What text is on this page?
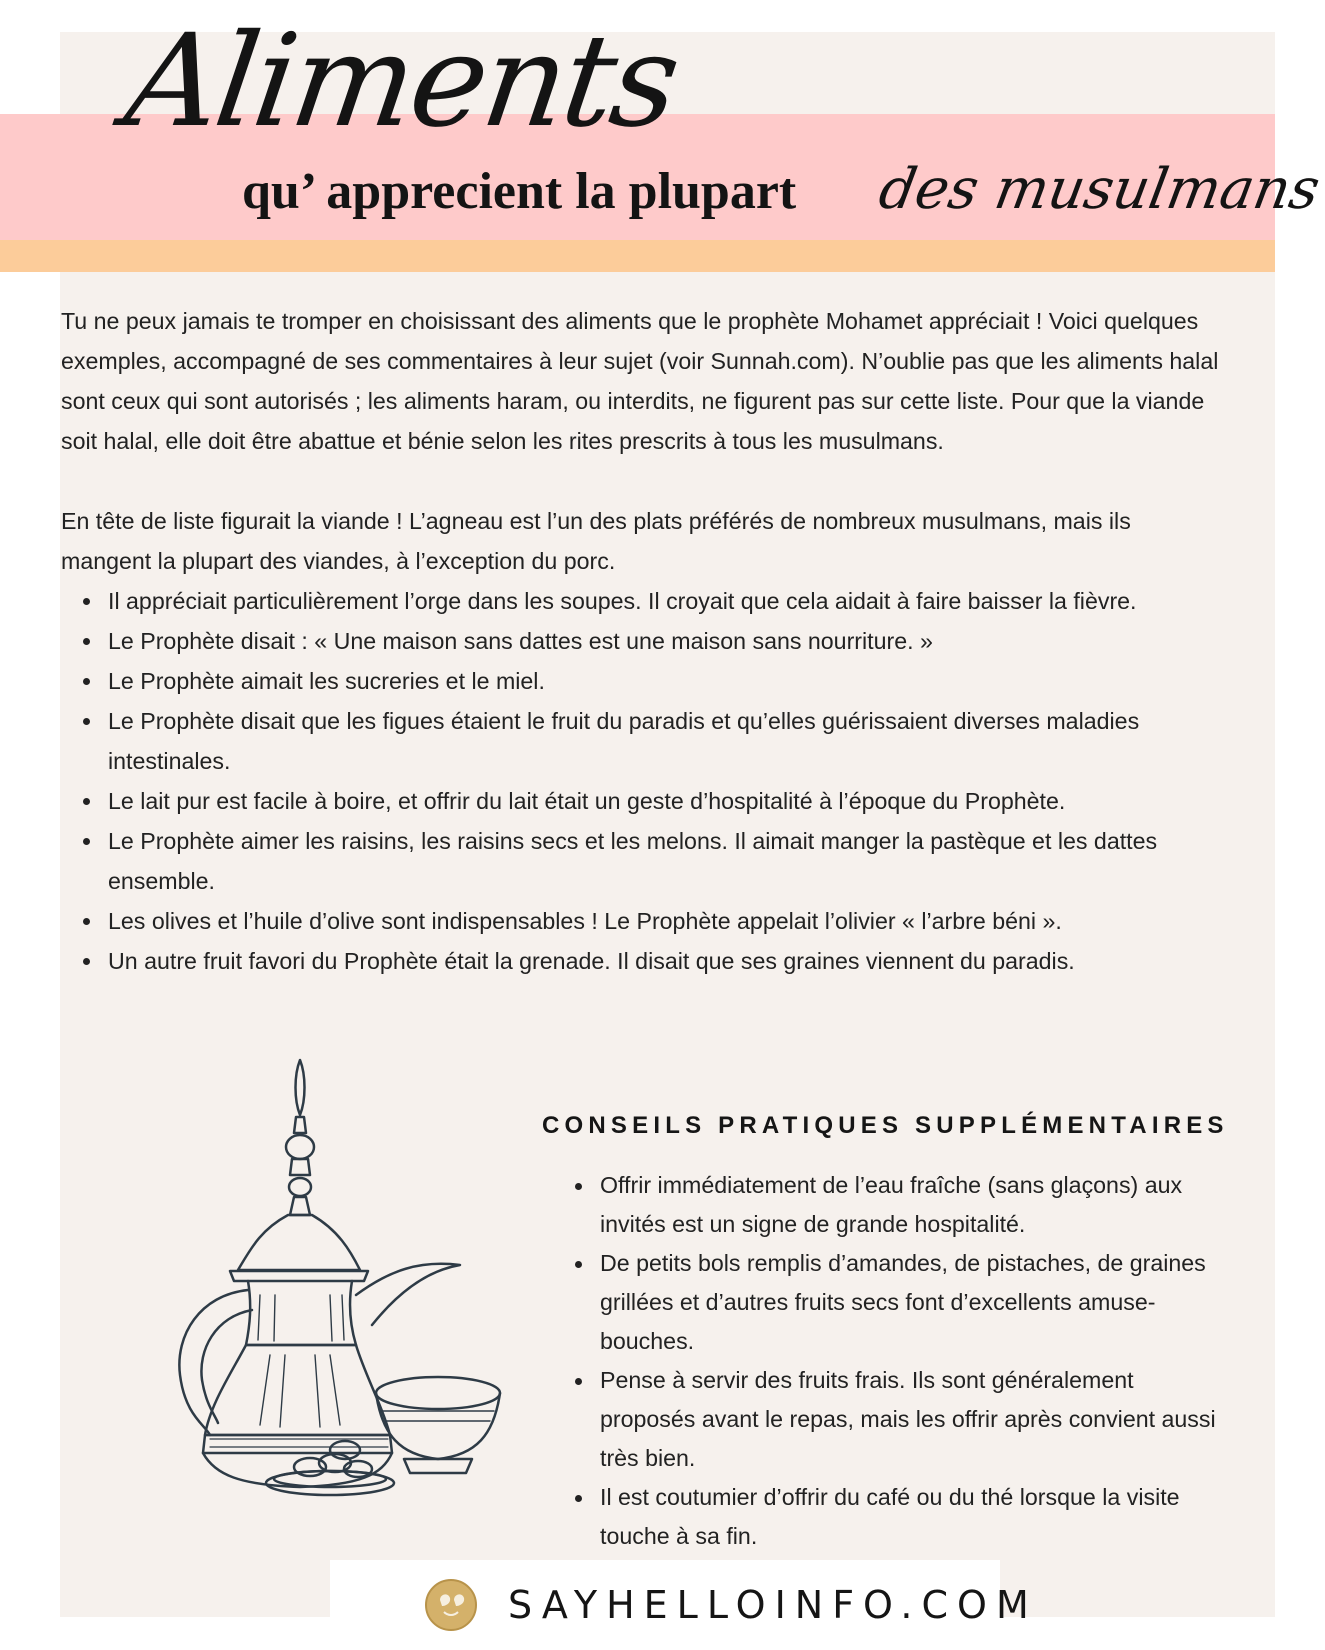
Aliments
qu’ apprecient la plupart des musulmans

Tu ne peux jamais te tromper en choisissant des aliments que le prophète Mohamet appréciait ! Voici quelques exemples, accompagné de ses commentaires à leur sujet (voir Sunnah.com). N’oublie pas que les aliments halal sont ceux qui sont autorisés ; les aliments haram, ou interdits, ne figurent pas sur cette liste. Pour que la viande soit halal, elle doit être abattue et bénie selon les rites prescrits à tous les musulmans.

En tête de liste figurait la viande ! L’agneau est l’un des plats préférés de nombreux musulmans, mais ils mangent la plupart des viandes, à l’exception du porc.

Il appréciait particulièrement l’orge dans les soupes. Il croyait que cela aidait à faire baisser la fièvre.
Le Prophète disait : « Une maison sans dattes est une maison sans nourriture. »
Le Prophète aimait les sucreries et le miel.
Le Prophète disait que les figues étaient le fruit du paradis et qu’elles guérissaient diverses maladies intestinales.
Le lait pur est facile à boire, et offrir du lait était un geste d’hospitalité à l’époque du Prophète.
Le Prophète aimer les raisins, les raisins secs et les melons. Il aimait manger la pastèque et les dattes ensemble.
Les olives et l’huile d’olive sont indispensables ! Le Prophète appelait l’olivier « l’arbre béni ».
Un autre fruit favori du Prophète était la grenade. Il disait que ses graines viennent du paradis.
CONSEILS PRATIQUES SUPPLÉMENTAIRES
Offrir immédiatement de l’eau fraîche (sans glaçons) aux invités est un signe de grande hospitalité.
De petits bols remplis d’amandes, de pistaches, de graines grillées et d’autres fruits secs font d’excellents amuse-bouches.
Pense à servir des fruits frais. Ils sont généralement proposés avant le repas, mais les offrir après convient aussi très bien.
Il est coutumier d’offrir du café ou du thé lorsque la visite touche à sa fin.
SAYHELLOINFO.COM
